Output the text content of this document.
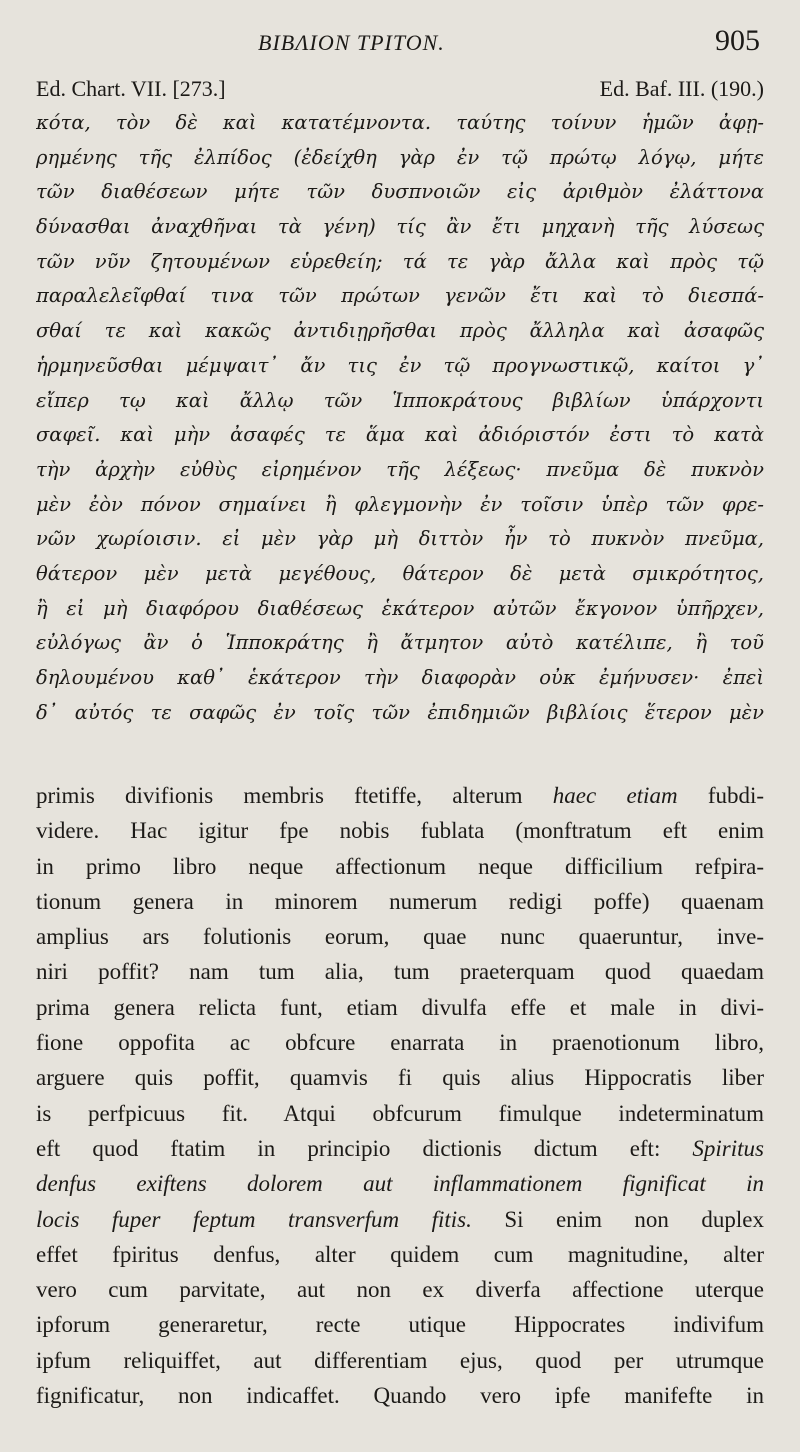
ΒΙΒΛΙΟΝ ΤΡΙΤΟΝ.	905
Ed. Chart. VII. [273.]	Ed. Baf. III. (190.)
κότα, τὸν δὲ καὶ κατατέμνοντα. ταύτης τοίνυν ἡμῶν ἀφῃ-
ρημένης τῆς ἐλπίδος (ἐδείχθη γὰρ ἐν τῷ πρώτῳ λόγῳ, μήτε
τῶν διαθέσεων μήτε τῶν δυσπνοιῶν εἰς ἀριθμὸν ἐλάττονα
δύνασθαι ἀναχθῆναι τὰ γένη) τίς ἂν ἔτι μηχανὴ τῆς λύσεως
τῶν νῦν ζητουμένων εὑρεθείη; τά τε γὰρ ἄλλα καὶ πρὸς τῷ
παραλελεῖφθαί τινα τῶν πρώτων γενῶν ἔτι καὶ τὸ διεσπά-
σθαί τε καὶ κακῶς ἀντιδιῃρῆσθαι πρὸς ἄλληλα καὶ ἀσαφῶς
ἡρμηνεῦσθαι μέμψαιτ᾽ ἄν τις ἐν τῷ προγνωστικῷ, καίτοι γ᾽
εἴπερ τῳ καὶ ἄλλῳ τῶν Ἱπποκράτους βιβλίων ὑπάρχοντι
σαφεῖ. καὶ μὴν ἀσαφές τε ἅμα καὶ ἀδιόριστόν ἐστι τὸ κατὰ
τὴν ἀρχὴν εὐθὺς εἰρημένον τῆς λέξεως· πνεῦμα δὲ πυκνὸν
μὲν ἐὸν πόνον σημαίνει ἢ φλεγμονὴν ἐν τοῖσιν ὑπὲρ τῶν φρε-
νῶν χωρίοισιν. εἰ μὲν γὰρ μὴ διττὸν ἦν τὸ πυκνὸν πνεῦμα,
θάτερον μὲν μετὰ μεγέθους, θάτερον δὲ μετὰ σμικρότητος,
ἢ εἰ μὴ διαφόρου διαθέσεως ἑκάτερον αὐτῶν ἔκγονον ὑπῆρχεν,
εὐλόγως ἂν ὁ Ἱπποκράτης ἢ ἄτμητον αὐτὸ κατέλιπε, ἢ τοῦ
δηλουμένου καθ᾽ ἑκάτερον τὴν διαφορὰν οὐκ ἐμήνυσεν· ἐπεὶ
δ᾽ αὐτός τε σαφῶς ἐν τοῖς τῶν ἐπιδημιῶν βιβλίοις ἕτερον μὲν
primis divifionis membris ftetiffe, alterum haec etiam fubdi-
videre. Hac igitur fpe nobis fublata (monftratum eft enim
in primo libro neque affectionum neque difficilium refpira-
tionum genera in minorem numerum redigi poffe) quaenam
amplius ars folutionis eorum, quae nunc quaeruntur, inve-
niri poffit? nam tum alia, tum praeterquam quod quaedam
prima genera relicta funt, etiam divulfa effe et male in divi-
fione oppofita ac obfcure enarrata in praenotionum libro,
arguere quis poffit, quamvis fi quis alius Hippocratis liber
is perfpicuus fit. Atqui obfcurum fimulque indeterminatum
eft quod ftatim in principio dictionis dictum eft: Spiritus
denfus exiftens dolorem aut inflammationem fignificat in
locis fuper feptum transverfum fitis. Si enim non duplex
effet fpiritus denfus, alter quidem cum magnitudine, alter
vero cum parvitate, aut non ex diverfa affectione uterque
ipforum generaretur, recte utique Hippocrates indivifum
ipfum reliquiffet, aut differentiam ejus, quod per utrumque
fignificatur, non indicaffet. Quando vero ipfe manifefte in
